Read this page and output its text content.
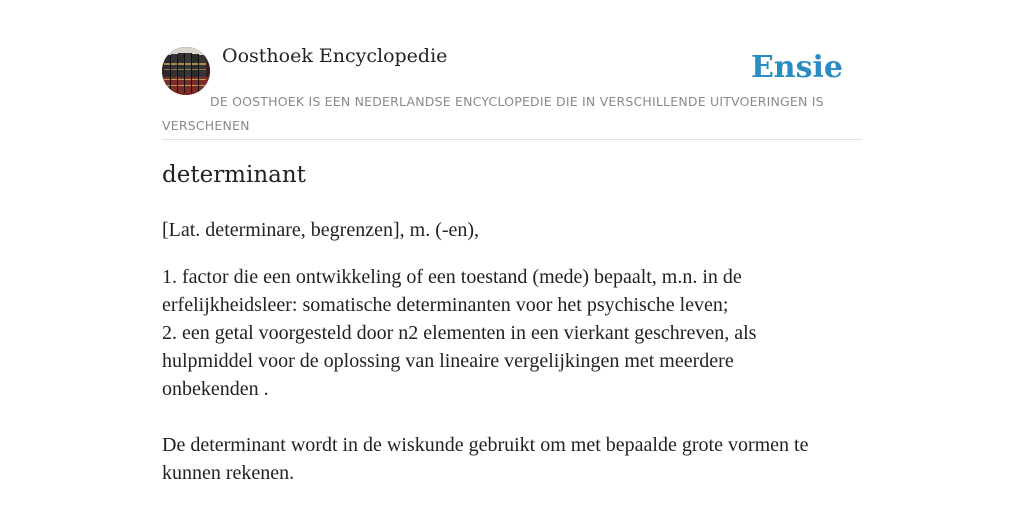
Oosthoek Encyclopedie	Ensie
DE OOSTHOEK IS EEN NEDERLANDSE ENCYCLOPEDIE DIE IN VERSCHILLENDE UITVOERINGEN IS VERSCHENEN
determinant
[Lat. determinare, begrenzen], m. (-en),

1. factor die een ontwikkeling of een toestand (mede) bepaalt, m.n. in de

erfelijkheidsleer: somatische determinanten voor het psychische leven;

2. een getal voorgesteld door n2 elementen in een vierkant geschreven, als

hulpmiddel voor de oplossing van lineaire vergelijkingen met meerdere

onbekenden .

De determinant wordt in de wiskunde gebruikt om met bepaalde grote vormen te

kunnen rekenen.
